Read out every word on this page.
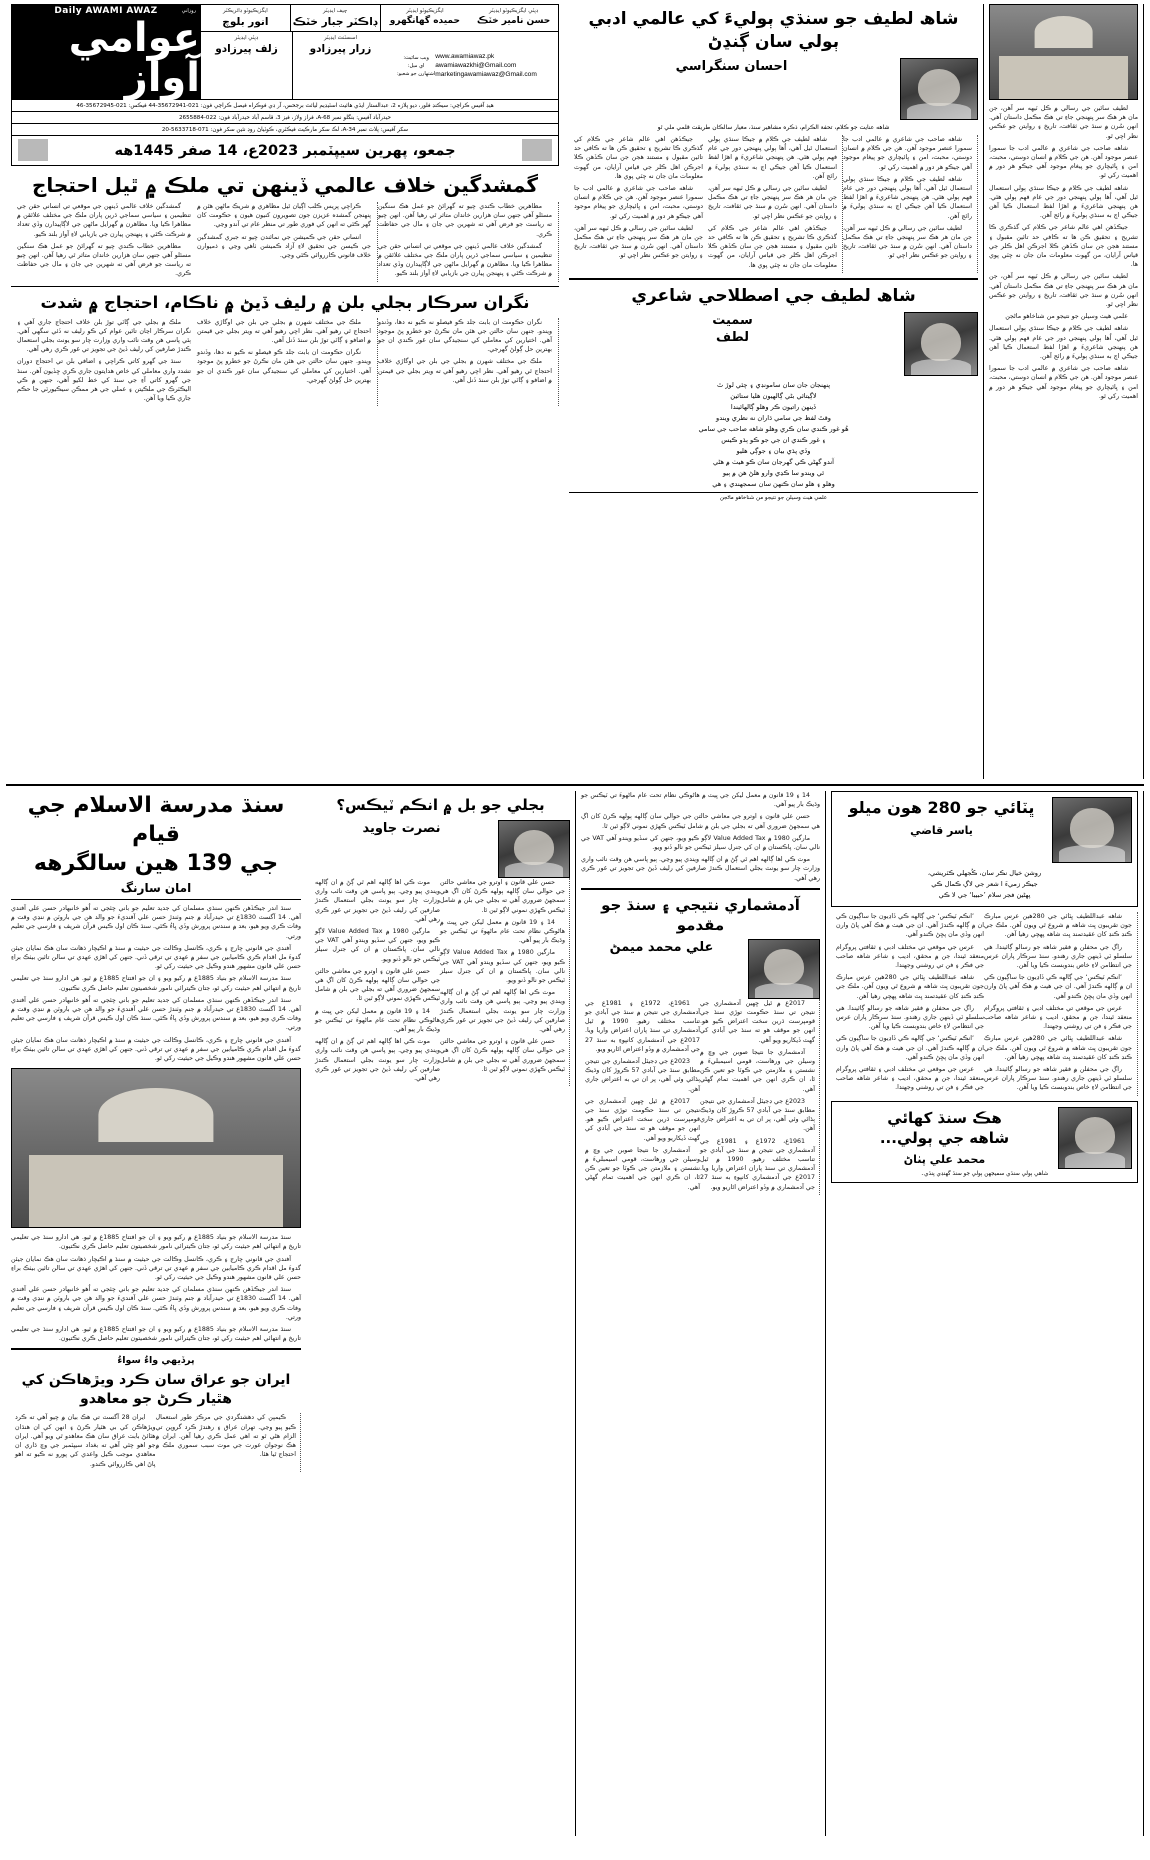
روزاني
Daily AWAMI AWAZ
عوامي آواز
ايگزيڪيوٽو ڊائريڪٽر
انور بلوچ
چيف ايڊيٽر
ڊاڪٽر جبار خٽڪ
ايگزيڪيوٽو ايڊيٽر
حميده گهانگهرو
ڊپٽي ايگزيڪيوٽو ايڊيٽر
حسن نامير خٽڪ
ڊپٽي ايڊيٽر
زلف پيرزادو
اسسٽنٽ ايڊيٽر
زرار پيرزادو
ويب سائيٽ:
اي ميل:
اشتهارن جو شعبو:
www.awamiawaz.pk
awamiawazkhi@Gmail.com
marketingawamiawaz@Gmail.com
هيڊ آفيس ڪراچي: سيڪنڊ فلور، ديو پلازه 2، عبدالستار ايڌي هائيٽ اسٽيڊيم ليائٽ برجحس، آر ڊي فوڪراه فيصل ڪراچي فون: 021-35672941-44 فيڪس: 021-35672945-46
حيدرآباد آفيس: بنگلو نمبر A-68، فراز ولاز، فيز 3، قاسم آباد حيدرآباد فون: 022-2655884
سکر آفيس: پلاٽ نمبر A-34، لڪ سکر مارڪيٽ فيڪٽري، ڪوٽياڻ روڊ نئين سکر فون: 071-5633718-20
جمعو، پهرين سيپٽمبر 2023ع، 14 صفر 1445هه
گمشدگين خلاف عالمي ڏينهن تي ملڪ ۾ ٿيل احتجاج

گمشدگين خلاف عالمي ڏينهن جي موقعي تي انساني حقن جي تنظيمين ۽ سياسي سماجي ڌرين پاران ملڪ جي مختلف علائقن ۾ مظاهرا ڪيا ويا. مظاهرن ۾ گهرايل ماڻهن جي لاڳاپيدارن وڏي تعداد ۾ شرڪت ڪئي ۽ پنهنجن پيارن جي بازيابي لاءِ آواز بلند ڪيو.

مظاهرين خطاب ڪندي چيو ته گهرائڻ جو عمل هڪ سنگين مسئلو آهي جنهن سان هزارين خاندان متاثر ٿي رهيا آهن. انهن چيو ته رياست جو فرض آهي ته شهرين جي جان ۽ مال جي حفاظت ڪري.

ڪراچي پريس ڪلب اڳيان ٿيل مظاهري ۾ شريڪ ماڻهن هٿن ۾ پنهنجن گمشده عزيزن جون تصويرون کنيون هيون ۽ حڪومت کان گهر ڪئي ته انهن کي فوري طور تي منظر عام تي آندو وڃي.

انساني حقن جي ڪميشن جي نمائندن چيو ته جبري گمشدگين جي ڪيسن جي تحقيق لاءِ آزاد ڪميشن ٺاهي وڃي ۽ ذميوارن خلاف قانوني ڪارروائي ڪئي وڃي.

مظاهرين خطاب ڪندي چيو ته گهرائڻ جو عمل هڪ سنگين مسئلو آهي جنهن سان هزارين خاندان متاثر ٿي رهيا آهن. انهن چيو ته رياست جو فرض آهي ته شهرين جي جان ۽ مال جي حفاظت ڪري.

گمشدگين خلاف عالمي ڏينهن جي موقعي تي انساني حقن جي تنظيمين ۽ سياسي سماجي ڌرين پاران ملڪ جي مختلف علائقن ۾ مظاهرا ڪيا ويا. مظاهرن ۾ گهرايل ماڻهن جي لاڳاپيدارن وڏي تعداد ۾ شرڪت ڪئي ۽ پنهنجن پيارن جي بازيابي لاءِ آواز بلند ڪيو.

نگران سرڪار بجلي بلن ۾ رليف ڏيڻ ۾ ناڪام، احتجاج ۾ شدت

ملڪ ۾ بجلي جي ڳاٽي توڙ بلن خلاف احتجاج جاري آهي ۽ نگران سرڪار اڃان تائين عوام کي ڪو رليف نه ڏئي سگهي آهي. ٻئي پاسي هن وقت نائب واري وزارت چار سو يونٽ بجلي استعمال ڪندڙ صارفين کي رليف ڏيڻ جي تجويز تي غور ڪري رهي آهي.

سنڌ جي گهرو کاتي ڪراچي ۽ اضافي بلن تي احتجاج دوران تشدد واري معاملي کي خاص هدايتون جاري ڪري ڇڏيون آهن. سنڌ جي گهرو کاتي آءِ جي سنڌ کي خط لکيو آهي، جنهن ۾ ڪي اليڪٽرڪ جي ملڪيتن ۽ عملي جي هر ممڪن سيڪيورٽي جا حڪم جاري ڪيا ويا آهن.

ملڪ جي مختلف شهرن ۾ بجلي جي بلن جي اوگاڙي خلاف احتجاج ٿي رهيو آهي. نظر اچي رهيو آهي ته ويتر بجلي جي قيمتن ۾ اضافو ۽ ڳاٽي توڙ بلن سنڌ ڏنل آهي.

نگران حڪومت ان بابت جلد ڪو فيصلو نه ڪيو نه دها، وڏندو ويندو. جنهن سان حالتن جي هٿن مان نڪرڻ جو خطرو پڻ موجود آهي. اختيارين کي معاملي کي سنجيدگي سان غور ڪندي ان جو بهترين حل ڳولڻ گهرجي.

نگران حڪومت ان بابت جلد ڪو فيصلو نه ڪيو نه دها، وڏندو ويندو. جنهن سان حالتن جي هٿن مان نڪرڻ جو خطرو پڻ موجود آهي. اختيارين کي معاملي کي سنجيدگي سان غور ڪندي ان جو بهترين حل ڳولڻ گهرجي.

ملڪ جي مختلف شهرن ۾ بجلي جي بلن جي اوگاڙي خلاف احتجاج ٿي رهيو آهي. نظر اچي رهيو آهي ته ويتر بجلي جي قيمتن ۾ اضافو ۽ ڳاٽي توڙ بلن سنڌ ڏنل آهي.

شاھ لطيف جو سنڌي ٻوليءَ کي عالمي ادبي ٻولي سان ڳنڍڻ
احسان سنگراسي
شاهه عنايت جو ڪلام، تحفة الڪرام، ذڪره مشاهير سنڌ، معيار سالڪان طريقت قلمي ملي ٿو

جيڪڏهن اهي عالم شاعر جي ڪلام کي گذڪري ڪا تشريح ۽ تحقيق ڪن ها ته ڪافي حد تائين مقبول ۽ مستند هجن جن سان ڪڏهن ڪلا اجرڪن اهل ڪلر جي قياس آرايان، من گهوٽ معلومات مان جان نه چٽي پوي ها.

شاهه صاحب جي شاعري ۾ عالمي ادب جا سمورا عنصر موجود آهن. هن جي ڪلام ۾ انسان دوستي، محبت، امن ۽ ڀائيچاري جو پيغام موجود آهي جيڪو هر دور ۾ اهميت رکي ٿو.

لطيف سائين جي رسالي ۾ ڪل ٽيهه سر آهن، جن مان هر هڪ سر پنهنجي جاءِ تي هڪ مڪمل داستان آهي. انهن سُرن ۾ سنڌ جي ثقافت، تاريخ ۽ روايتن جو عڪس نظر اچي ٿو.

شاهه لطيف جي ڪلام ۾ جيڪا سنڌي ٻولي استعمال ٿيل آهي، اُها ٻولي پنهنجي دور جي عام فهم ٻولي هئي. هن پنهنجي شاعريءَ ۾ اهڙا لفظ استعمال ڪيا آهن جيڪي اڄ به سنڌي ٻوليءَ ۾ رائج آهن.

لطيف سائين جي رسالي ۾ ڪل ٽيهه سر آهن، جن مان هر هڪ سر پنهنجي جاءِ تي هڪ مڪمل داستان آهي. انهن سُرن ۾ سنڌ جي ثقافت، تاريخ ۽ روايتن جو عڪس نظر اچي ٿو.

جيڪڏهن اهي عالم شاعر جي ڪلام کي گذڪري ڪا تشريح ۽ تحقيق ڪن ها ته ڪافي حد تائين مقبول ۽ مستند هجن جن سان ڪڏهن ڪلا اجرڪن اهل ڪلر جي قياس آرايان، من گهوٽ معلومات مان جان نه چٽي پوي ها.

شاهه صاحب جي شاعري ۾ عالمي ادب جا سمورا عنصر موجود آهن. هن جي ڪلام ۾ انسان دوستي، محبت، امن ۽ ڀائيچاري جو پيغام موجود آهي جيڪو هر دور ۾ اهميت رکي ٿو.

شاهه لطيف جي ڪلام ۾ جيڪا سنڌي ٻولي استعمال ٿيل آهي، اُها ٻولي پنهنجي دور جي عام فهم ٻولي هئي. هن پنهنجي شاعريءَ ۾ اهڙا لفظ استعمال ڪيا آهن جيڪي اڄ به سنڌي ٻوليءَ ۾ رائج آهن.

لطيف سائين جي رسالي ۾ ڪل ٽيهه سر آهن، جن مان هر هڪ سر پنهنجي جاءِ تي هڪ مڪمل داستان آهي. انهن سُرن ۾ سنڌ جي ثقافت، تاريخ ۽ روايتن جو عڪس نظر اچي ٿو.

شاھ لطيف جي اصطلاحي شاعري
سميت
لطف
پنهنجان جان سان سامونڊي ۽ چئي لوڙ ٿ
لاڳيتائي بڻي ڳالهيون هليا ستائين
ڏينهن راتيون ڪر وهلو ڳالهائيندا
وقتَ لفظ جي سامي ڌاران نه نظري ويندو
هُو غور ڪندي سان ڪري وهلو شاهه صاحب جي سامي
۽ غور ڪندي ان جي جو ڪو ٻڌو ڪيس
وڏي پڌي بيان ۽ جوڳي هليو
آندو گهڻي ڪي گهرجان سان ڪو هيٺ ۾ هڻي
ٿي ويندو سا ڪڍي وارو هلڻ هن ۾ ٻيو
وهلو ۽ هلو سان ڪنهن سان سمجهندي ۽ هي
علمي هيٺ وسيلن جو نتيجو من شناخاهو ماڻجن

لطيف سائين جي رسالي ۾ ڪل ٽيهه سر آهن، جن مان هر هڪ سر پنهنجي جاءِ تي هڪ مڪمل داستان آهي. انهن سُرن ۾ سنڌ جي ثقافت، تاريخ ۽ روايتن جو عڪس نظر اچي ٿو.

شاهه صاحب جي شاعري ۾ عالمي ادب جا سمورا عنصر موجود آهن. هن جي ڪلام ۾ انسان دوستي، محبت، امن ۽ ڀائيچاري جو پيغام موجود آهي جيڪو هر دور ۾ اهميت رکي ٿو.

شاهه لطيف جي ڪلام ۾ جيڪا سنڌي ٻولي استعمال ٿيل آهي، اُها ٻولي پنهنجي دور جي عام فهم ٻولي هئي. هن پنهنجي شاعريءَ ۾ اهڙا لفظ استعمال ڪيا آهن جيڪي اڄ به سنڌي ٻوليءَ ۾ رائج آهن.

جيڪڏهن اهي عالم شاعر جي ڪلام کي گذڪري ڪا تشريح ۽ تحقيق ڪن ها ته ڪافي حد تائين مقبول ۽ مستند هجن جن سان ڪڏهن ڪلا اجرڪن اهل ڪلر جي قياس آرايان، من گهوٽ معلومات مان جان نه چٽي پوي ها.

لطيف سائين جي رسالي ۾ ڪل ٽيهه سر آهن، جن مان هر هڪ سر پنهنجي جاءِ تي هڪ مڪمل داستان آهي. انهن سُرن ۾ سنڌ جي ثقافت، تاريخ ۽ روايتن جو عڪس نظر اچي ٿو.

علمي هيٺ وسيلن جو نتيجو من شناخاهو ماڻجن

شاهه لطيف جي ڪلام ۾ جيڪا سنڌي ٻولي استعمال ٿيل آهي، اُها ٻولي پنهنجي دور جي عام فهم ٻولي هئي. هن پنهنجي شاعريءَ ۾ اهڙا لفظ استعمال ڪيا آهن جيڪي اڄ به سنڌي ٻوليءَ ۾ رائج آهن.

شاهه صاحب جي شاعري ۾ عالمي ادب جا سمورا عنصر موجود آهن. هن جي ڪلام ۾ انسان دوستي، محبت، امن ۽ ڀائيچاري جو پيغام موجود آهي جيڪو هر دور ۾ اهميت رکي ٿو.

سنڌ مدرسة الاسلام جي قيام
جي 139 هين سالگرهه
امان سارنگ

سنڌ اندر جيڪڏهن ڪنهن سنڌي مسلمان کي جديد تعليم جو باني چئجي ته اُهو خانبهادر حسن علي آفندي آهي. 14 آگسٽ 1830ع تي حيدرآباد ۾ جنم وٺندڙ حسن علي آفنديءَ جو والد هن جي باروٽن ۾ ننڍي وقت ۾ وفات ڪري ويو هيو، بعد ۾ سندس پرورش وڏي ڀاءُ ڪئي. سنڌ ڪان اول ڪيس قرآن شريف ۽ فارسي جي تعليم ورتي.

آفندي جي قانوني چارج ۽ ڪري، ڪانسل وڪالت جي حيثيت ۾ سنڌ ۾ اڪيچار ذهانت سان هڪ نمايان جيئن گدوءَ مل اقدام ڪري ڪاميابين جي سفر ۾ عهدي تي ترقي ڏني. جنهن کي اهڙي عهدي تي سالن تائين بيٺڪ براءِ حسن علي قانون مشهور هندو وڪيل جي حيثيت رکي ٿو.

سنڌ مدرسة الاسلام جو بنياد 1885ع ۾ رکيو ويو ۽ ان جو افتتاح 1885ع ۾ ٿيو. هي ادارو سنڌ جي تعليمي تاريخ ۾ انتهائي اهم حيثيت رکي ٿو، جتان ڪيترائي نامور شخصيتون تعليم حاصل ڪري نڪتيون.

سنڌ اندر جيڪڏهن ڪنهن سنڌي مسلمان کي جديد تعليم جو باني چئجي ته اُهو خانبهادر حسن علي آفندي آهي. 14 آگسٽ 1830ع تي حيدرآباد ۾ جنم وٺندڙ حسن علي آفنديءَ جو والد هن جي باروٽن ۾ ننڍي وقت ۾ وفات ڪري ويو هيو، بعد ۾ سندس پرورش وڏي ڀاءُ ڪئي. سنڌ ڪان اول ڪيس قرآن شريف ۽ فارسي جي تعليم ورتي.

آفندي جي قانوني چارج ۽ ڪري، ڪانسل وڪالت جي حيثيت ۾ سنڌ ۾ اڪيچار ذهانت سان هڪ نمايان جيئن گدوءَ مل اقدام ڪري ڪاميابين جي سفر ۾ عهدي تي ترقي ڏني. جنهن کي اهڙي عهدي تي سالن تائين بيٺڪ براءِ حسن علي قانون مشهور هندو وڪيل جي حيثيت رکي ٿو.

سنڌ مدرسة الاسلام جو بنياد 1885ع ۾ رکيو ويو ۽ ان جو افتتاح 1885ع ۾ ٿيو. هي ادارو سنڌ جي تعليمي تاريخ ۾ انتهائي اهم حيثيت رکي ٿو، جتان ڪيترائي نامور شخصيتون تعليم حاصل ڪري نڪتيون.

آفندي جي قانوني چارج ۽ ڪري، ڪانسل وڪالت جي حيثيت ۾ سنڌ ۾ اڪيچار ذهانت سان هڪ نمايان جيئن گدوءَ مل اقدام ڪري ڪاميابين جي سفر ۾ عهدي تي ترقي ڏني. جنهن کي اهڙي عهدي تي سالن تائين بيٺڪ براءِ حسن علي قانون مشهور هندو وڪيل جي حيثيت رکي ٿو.

سنڌ اندر جيڪڏهن ڪنهن سنڌي مسلمان کي جديد تعليم جو باني چئجي ته اُهو خانبهادر حسن علي آفندي آهي. 14 آگسٽ 1830ع تي حيدرآباد ۾ جنم وٺندڙ حسن علي آفنديءَ جو والد هن جي باروٽن ۾ ننڍي وقت ۾ وفات ڪري ويو هيو، بعد ۾ سندس پرورش وڏي ڀاءُ ڪئي. سنڌ ڪان اول ڪيس قرآن شريف ۽ فارسي جي تعليم ورتي.

سنڌ مدرسة الاسلام جو بنياد 1885ع ۾ رکيو ويو ۽ ان جو افتتاح 1885ع ۾ ٿيو. هي ادارو سنڌ جي تعليمي تاريخ ۾ انتهائي اهم حيثيت رکي ٿو، جتان ڪيترائي نامور شخصيتون تعليم حاصل ڪري نڪتيون.

پرڏيهي واءُ سواءُ
ايران جو عراق سان ڪرد ويڙهاڪن کي هٿيار ڪرڻ جو معاهدو

ايران 28 آگسٽ تي هڪ بيان ۾ چيو آهي ته ڪرد ويڙهاڪن کي بي هٿيار ڪرڻ ۽ انهن کي ان هنڌان هٽائڻ بابت عراق سان هڪ معاهدو ٿي ويو آهي. ايران جو اهو چئي آهي ته بغداد سيپٽمبر جي وچ ڌاري ان معاهدي موجب ڪيل واعدي کي پورو نه ڪيو ته اهو پاڻ اهي ڪارروائي ڪندو.

ڪيمپن کي دهشتگردي جي مرڪز طور استعمال ڪيو پيو وڃي. تهران عراق ۽ رهندڙ ڪرد گروپن تي الزام هڻي ٿو ته اهي عمل ڪري رهيا آهن. ايران ۾ هڪ نوجوان عورت جي موت سبب سموري ملڪ ۾ احتجاج ٿيا هئا.

بجلي جو بل ۾ انڪم ٽيڪس؟
نصرت جاويد

موٽ ڪي اها ڳالهه اهم ٿي ڳڻ ۾ ان ڳالهه ويندي پيو وڃي. ٻيو پاسي هن وقت نائب واري وزارت چار سو يونٽ بجلي استعمال ڪندڙ صارفين کي رليف ڏيڻ جي تجويز تي غور ڪري رهي آهي.

مارگين 1980 ۾ Value Added Tax لاڳو ڪيو ويو، جنهن کي سڏيو ويندو آهي VAT جي نالي سان. پاڪستان ۾ ان کي جنرل سيلز ٽيڪس جو نالو ڏنو ويو.

حسن علي قانون ۽ اوترو جي معاشي حالتن جي حوالي سان ڳالهه ٻولهه ڪرڻ کان اڳ هي سمجهڻ ضروري آهي ته بجلي جي بلن ۾ شامل ٽيڪس ڪهڙي نموني لاڳو ٿين ٿا.

14 ۽ 19 قانون ۾ معمل ليکن جي ڀيٽ ۾ هاڻوڪي نظام تحت عام ماڻهوءَ تي ٽيڪس جو وڌيڪ بار پيو آهي.

موٽ ڪي اها ڳالهه اهم ٿي ڳڻ ۾ ان ڳالهه ويندي پيو وڃي. ٻيو پاسي هن وقت نائب واري وزارت چار سو يونٽ بجلي استعمال ڪندڙ صارفين کي رليف ڏيڻ جي تجويز تي غور ڪري رهي آهي.

حسن علي قانون ۽ اوترو جي معاشي حالتن جي حوالي سان ڳالهه ٻولهه ڪرڻ کان اڳ هي سمجهڻ ضروري آهي ته بجلي جي بلن ۾ شامل ٽيڪس ڪهڙي نموني لاڳو ٿين ٿا.

14 ۽ 19 قانون ۾ معمل ليکن جي ڀيٽ ۾ هاڻوڪي نظام تحت عام ماڻهوءَ تي ٽيڪس جو وڌيڪ بار پيو آهي.

مارگين 1980 ۾ Value Added Tax لاڳو ڪيو ويو، جنهن کي سڏيو ويندو آهي VAT جي نالي سان. پاڪستان ۾ ان کي جنرل سيلز ٽيڪس جو نالو ڏنو ويو.

موٽ ڪي اها ڳالهه اهم ٿي ڳڻ ۾ ان ڳالهه ويندي پيو وڃي. ٻيو پاسي هن وقت نائب واري وزارت چار سو يونٽ بجلي استعمال ڪندڙ صارفين کي رليف ڏيڻ جي تجويز تي غور ڪري رهي آهي.

حسن علي قانون ۽ اوترو جي معاشي حالتن جي حوالي سان ڳالهه ٻولهه ڪرڻ کان اڳ هي سمجهڻ ضروري آهي ته بجلي جي بلن ۾ شامل ٽيڪس ڪهڙي نموني لاڳو ٿين ٿا.

14 ۽ 19 قانون ۾ معمل ليکن جي ڀيٽ ۾ هاڻوڪي نظام تحت عام ماڻهوءَ تي ٽيڪس جو وڌيڪ بار پيو آهي.

حسن علي قانون ۽ اوترو جي معاشي حالتن جي حوالي سان ڳالهه ٻولهه ڪرڻ کان اڳ هي سمجهڻ ضروري آهي ته بجلي جي بلن ۾ شامل ٽيڪس ڪهڙي نموني لاڳو ٿين ٿا.

مارگين 1980 ۾ Value Added Tax لاڳو ڪيو ويو، جنهن کي سڏيو ويندو آهي VAT جي نالي سان. پاڪستان ۾ ان کي جنرل سيلز ٽيڪس جو نالو ڏنو ويو.

موٽ ڪي اها ڳالهه اهم ٿي ڳڻ ۾ ان ڳالهه ويندي پيو وڃي. ٻيو پاسي هن وقت نائب واري وزارت چار سو يونٽ بجلي استعمال ڪندڙ صارفين کي رليف ڏيڻ جي تجويز تي غور ڪري رهي آهي.

آدمشماري نتيجي ۽ سنڌ جو مقدمو
علي محمد ميمڻ

1961ع، 1972ع ۽ 1981ع جي آدمشماري جي نتيجن ۾ سنڌ جي آبادي جو تناسب مختلف رهيو. 1990 ۾ ٿيل آدمشماري تي سنڌ پاران اعتراض واريا ويا. 2017ع جي آدمشماري کانپوءِ به سنڌ 27 جي آدمشماري ۾ وڏو اعتراض اٿاريو ويو.

2023ع جي ڊجيٽل آدمشماري جي نتيجن مطابق سنڌ جي آبادي 57 ڪروڙ کان وڌيڪ ٻڌائي وئي آهي، پر ان تي به اعتراض جاري آهن.

2017ع ۾ ٿيل ڇهين آدمشماري جي نتيجن تي سنڌ حڪومت توڙي سنڌ جي قومپرست ڌرين سخت اعتراض ڪيو هو. انهن جو موقف هو ته سنڌ جي آبادي کي گهٽ ڏيکاريو ويو آهي.

آدمشماري جا نتيجا صوبن جي وچ ۾ وسيلن جي ورهاست، قومي اسيمبليءَ ۾ نشستن ۽ ملازمتن جي ڪوٽا جو تعين ڪن ٿا، ان ڪري انهن جي اهميت تمام گهڻي آهي.

2017ع ۾ ٿيل ڇهين آدمشماري جي نتيجن تي سنڌ حڪومت توڙي سنڌ جي قومپرست ڌرين سخت اعتراض ڪيو هو. انهن جو موقف هو ته سنڌ جي آبادي کي گهٽ ڏيکاريو ويو آهي.

آدمشماري جا نتيجا صوبن جي وچ ۾ وسيلن جي ورهاست، قومي اسيمبليءَ ۾ نشستن ۽ ملازمتن جي ڪوٽا جو تعين ڪن ٿا، ان ڪري انهن جي اهميت تمام گهڻي آهي.

2023ع جي ڊجيٽل آدمشماري جي نتيجن مطابق سنڌ جي آبادي 57 ڪروڙ کان وڌيڪ ٻڌائي وئي آهي، پر ان تي به اعتراض جاري آهن.

1961ع، 1972ع ۽ 1981ع جي آدمشماري جي نتيجن ۾ سنڌ جي آبادي جو تناسب مختلف رهيو. 1990 ۾ ٿيل آدمشماري تي سنڌ پاران اعتراض واريا ويا. 2017ع جي آدمشماري کانپوءِ به سنڌ 27 جي آدمشماري ۾ وڏو اعتراض اٿاريو ويو.

ڀٽائي جو 280 هون ميلو
ياسر قاضي
روشن خيال نڪر سان، ڪُجهلي ڪٽريشي،
جيڪر زميءَ ا شعر جي لاڳ ڪمال ڪي
پهڻين فجر سلام ’حبيبا‘ جي لا ڪي

’انڪم ٽيڪس‘ جي ڳالهه ڪي ڏاڍيون جا ساڳيون ڪي ان ۾ ڳالهه ڪندڙ آهي. ان جي هيٺ ۾ هڪ آهي پاڻ وارن انهن وڏي مان پڇڻ ڪندو آهي.

عرس جي موقعي تي مختلف ادبي ۽ ثقافتي پروگرام منعقد ٿيندا، جن ۾ محقق، اديب ۽ شاعر شاهه صاحب جي فڪر ۽ فن تي روشني وجهندا.

شاهه عبداللطيف ڀٽائي جي 280هين عرس مبارڪ جون تقريبون ڀٽ شاهه ۾ شروع ٿي ويون آهن. ملڪ جي ڪنڊ ڪنڊ کان عقيدتمند ڀٽ شاهه پهچي رهيا آهن.

راڳ جي محفلن ۾ فقير شاهه جو رسالو ڳائيندا. هي سلسلو ٽي ڏينهن جاري رهندو. سنڌ سرڪار پاران عرس جي انتظامن لاءِ خاص بندوبست ڪيا ويا آهن.

’انڪم ٽيڪس‘ جي ڳالهه ڪي ڏاڍيون جا ساڳيون ڪي ان ۾ ڳالهه ڪندڙ آهي. ان جي هيٺ ۾ هڪ آهي پاڻ وارن انهن وڏي مان پڇڻ ڪندو آهي.

عرس جي موقعي تي مختلف ادبي ۽ ثقافتي پروگرام منعقد ٿيندا، جن ۾ محقق، اديب ۽ شاعر شاهه صاحب جي فڪر ۽ فن تي روشني وجهندا.

شاهه عبداللطيف ڀٽائي جي 280هين عرس مبارڪ جون تقريبون ڀٽ شاهه ۾ شروع ٿي ويون آهن. ملڪ جي ڪنڊ ڪنڊ کان عقيدتمند ڀٽ شاهه پهچي رهيا آهن.

راڳ جي محفلن ۾ فقير شاهه جو رسالو ڳائيندا. هي سلسلو ٽي ڏينهن جاري رهندو. سنڌ سرڪار پاران عرس جي انتظامن لاءِ خاص بندوبست ڪيا ويا آهن.

’انڪم ٽيڪس‘ جي ڳالهه ڪي ڏاڍيون جا ساڳيون ڪي ان ۾ ڳالهه ڪندڙ آهي. ان جي هيٺ ۾ هڪ آهي پاڻ وارن انهن وڏي مان پڇڻ ڪندو آهي.

عرس جي موقعي تي مختلف ادبي ۽ ثقافتي پروگرام منعقد ٿيندا، جن ۾ محقق، اديب ۽ شاعر شاهه صاحب جي فڪر ۽ فن تي روشني وجهندا.

شاهه عبداللطيف ڀٽائي جي 280هين عرس مبارڪ جون تقريبون ڀٽ شاهه ۾ شروع ٿي ويون آهن. ملڪ جي ڪنڊ ڪنڊ کان عقيدتمند ڀٽ شاهه پهچي رهيا آهن.

راڳ جي محفلن ۾ فقير شاهه جو رسالو ڳائيندا. هي سلسلو ٽي ڏينهن جاري رهندو. سنڌ سرڪار پاران عرس جي انتظامن لاءِ خاص بندوبست ڪيا ويا آهن.

هڪ سنڌ کھائي
شاهه جي ٻولي...
محمد علي پٺاڻ
شاهي ٻولي سنڌي سميجهن ٻولي جو سنڌ گهنڊي پنڌي۔
